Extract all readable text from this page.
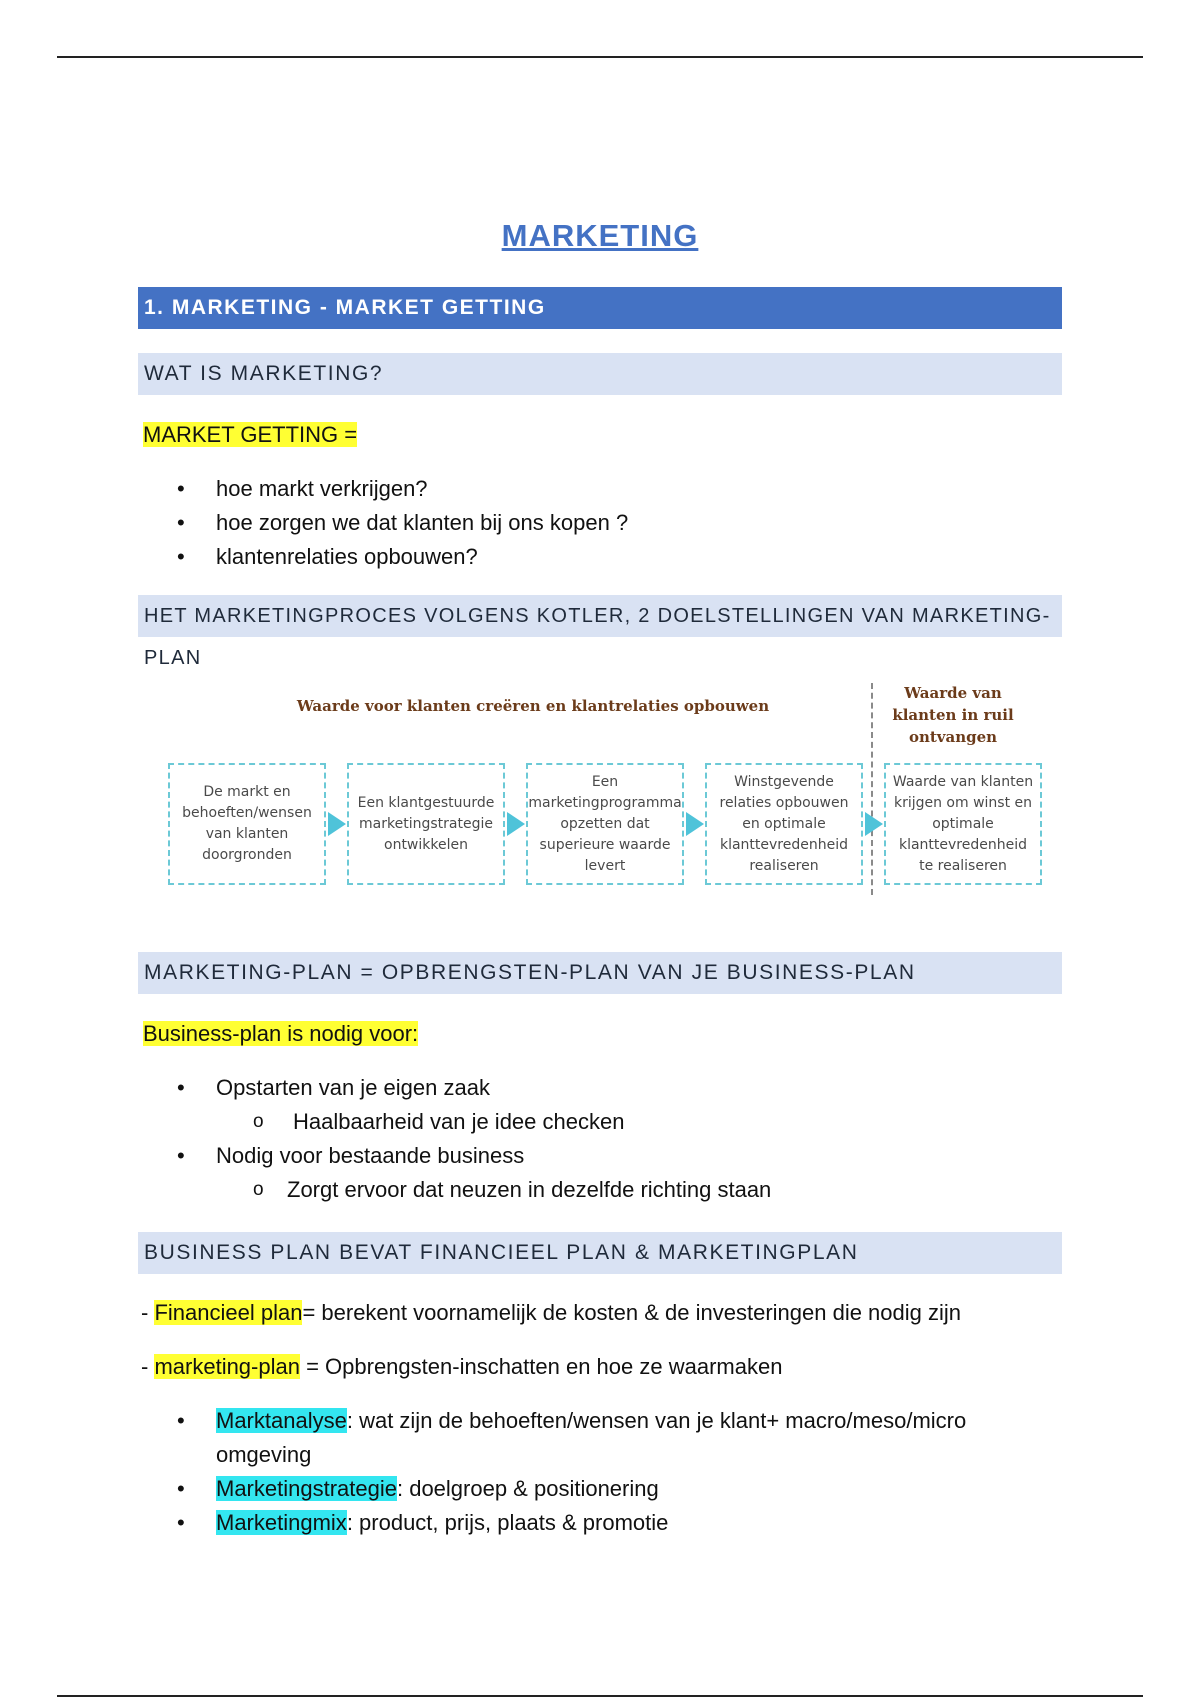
MARKETING
1. MARKETING - MARKET GETTING
WAT IS MARKETING?
MARKET GETTING =
• hoe markt verkrijgen?
• hoe zorgen we dat klanten bij ons kopen ?
• klantenrelaties opbouwen?
HET MARKETINGPROCES VOLGENS KOTLER, 2 DOELSTELLINGEN VAN MARKETING-PLAN
Waarde voor klanten creëren en klantrelaties opbouwen
Waarde van klanten in ruil ontvangen
De markt en behoeften/wensen van klanten doorgronden
Een klantgestuurde marketingstrategie ontwikkelen
Een marketingprogramma opzetten dat superieure waarde levert
Winstgevende relaties opbouwen en optimale klanttevredenheid realiseren
Waarde van klanten krijgen om winst en optimale klanttevredenheid te realiseren
MARKETING-PLAN = OPBRENGSTEN-PLAN VAN JE BUSINESS-PLAN
Business-plan is nodig voor:
• Opstarten van je eigen zaak
o Haalbaarheid van je idee checken
• Nodig voor bestaande business
o Zorgt ervoor dat neuzen in dezelfde richting staan
BUSINESS PLAN BEVAT FINANCIEEL PLAN & MARKETINGPLAN
- Financieel plan= berekent voornamelijk de kosten & de investeringen die nodig zijn
- marketing-plan = Opbrengsten-inschatten en hoe ze waarmaken
• Marktanalyse: wat zijn de behoeften/wensen van je klant+ macro/meso/micro omgeving
• Marketingstrategie: doelgroep & positionering
• Marketingmix: product, prijs, plaats & promotie
